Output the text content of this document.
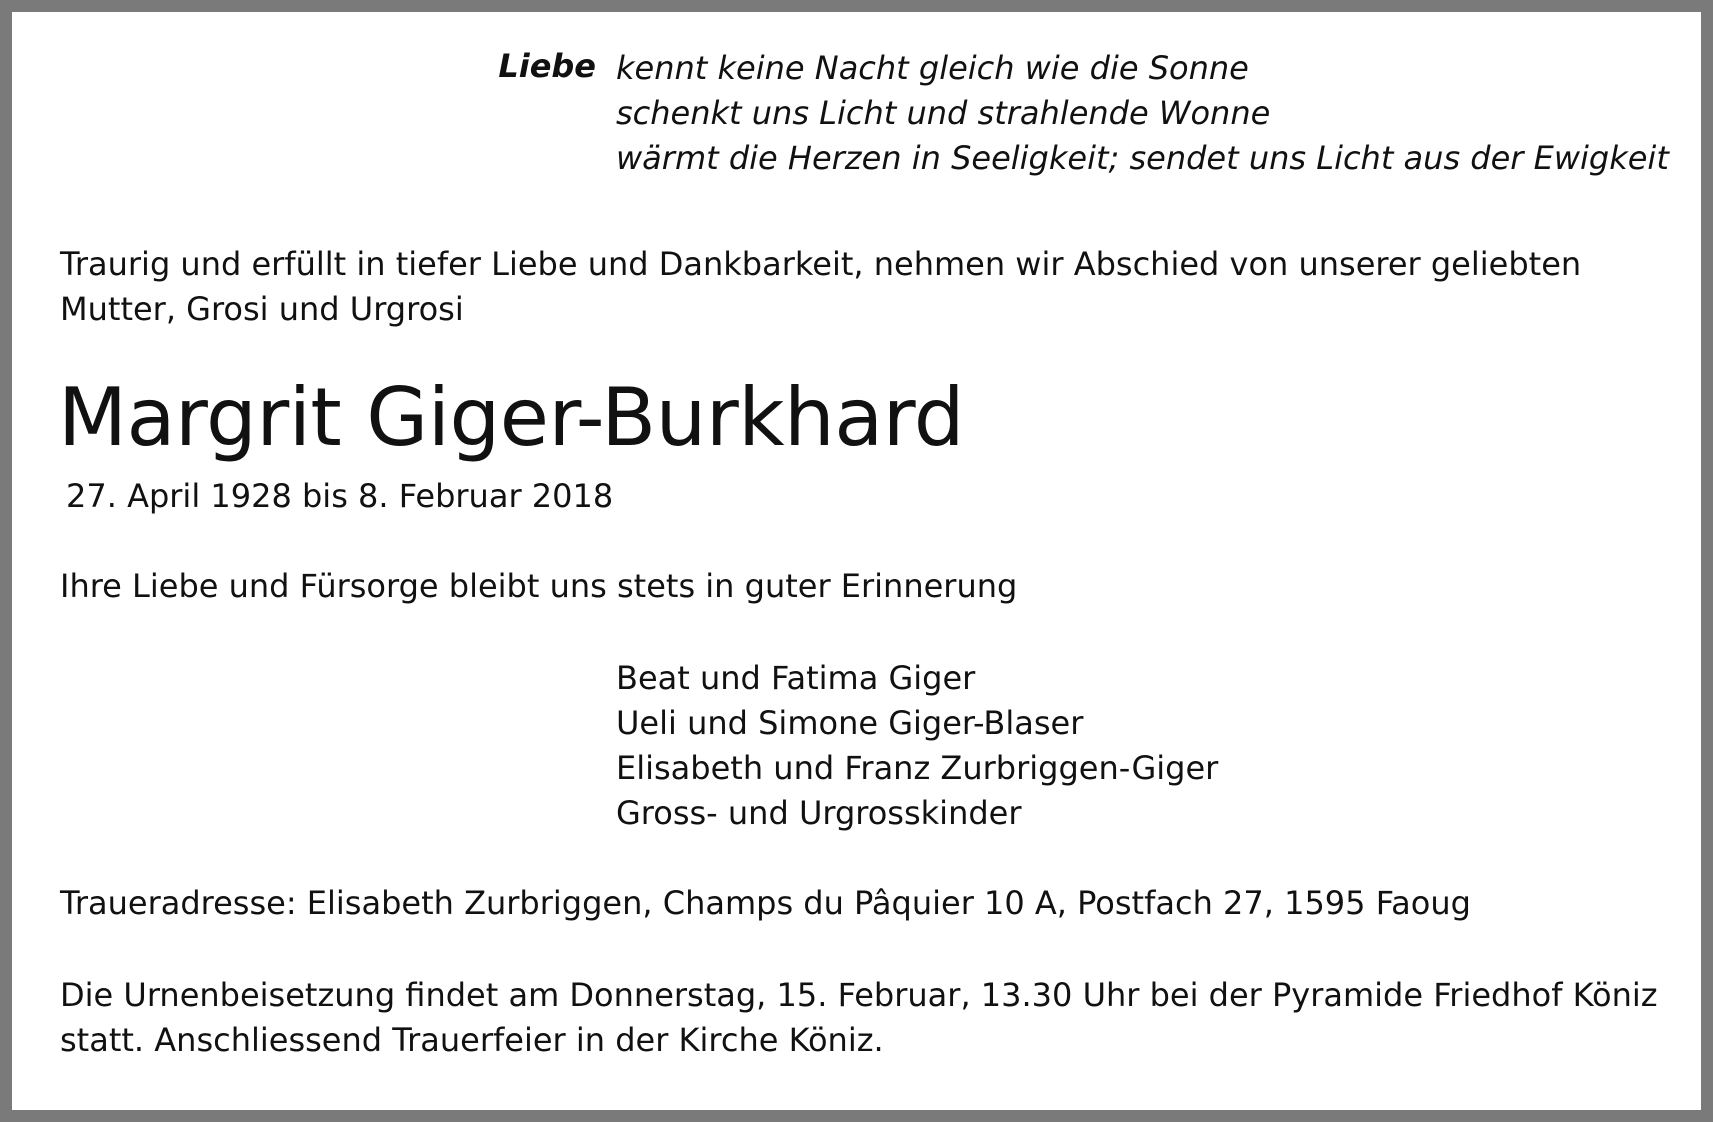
Liebe kennt keine Nacht gleich wie die Sonne
schenkt uns Licht und strahlende Wonne
wärmt die Herzen in Seeligkeit; sendet uns Licht aus der Ewigkeit
Traurig und erfüllt in tiefer Liebe und Dankbarkeit, nehmen wir Abschied von unserer geliebten
Mutter, Grosi und Urgrosi
Margrit Giger-Burkhard
27. April 1928 bis 8. Februar 2018
Ihre Liebe und Fürsorge bleibt uns stets in guter Erinnerung
Beat und Fatima Giger
Ueli und Simone Giger-Blaser
Elisabeth und Franz Zurbriggen-Giger
Gross- und Urgrosskinder
Traueradresse: Elisabeth Zurbriggen, Champs du Pâquier 10 A, Postfach 27, 1595 Faoug
Die Urnenbeisetzung findet am Donnerstag, 15. Februar, 13.30 Uhr bei der Pyramide Friedhof Köniz
statt. Anschliessend Trauerfeier in der Kirche Köniz.
